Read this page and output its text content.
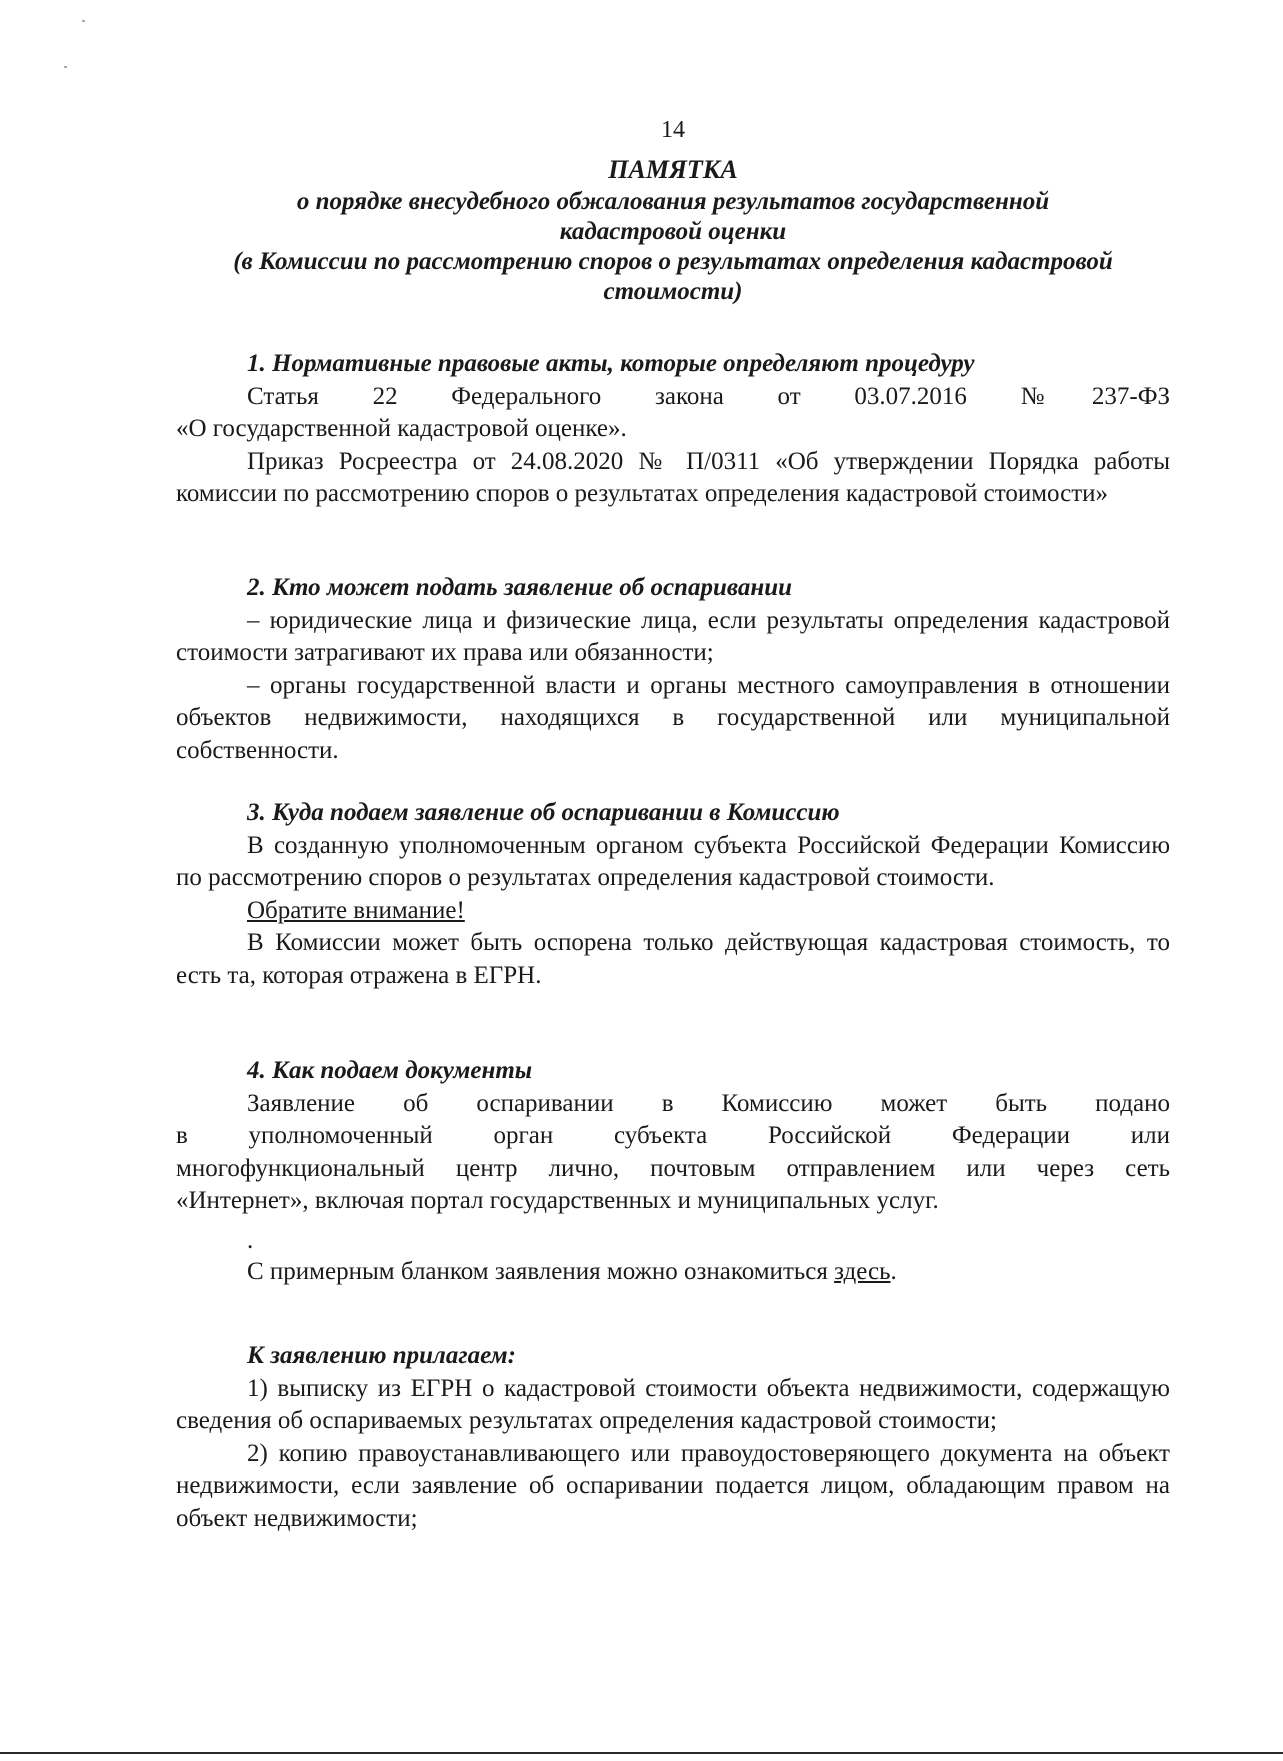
14
ПАМЯТКА
о порядке внесудебного обжалования результатов государственной
кадастровой оценки
(в Комиссии по рассмотрению споров о результатах определения кадастровой
стоимости)

1. Нормативные правовые акты, которые определяют процедуру

Статья 22 Федерального закона от 03.07.2016 №237-ФЗ

«О государственной кадастровой оценке».

Приказ Росреестра от 24.08.2020 № П/0311 «Об утверждении Порядка работы комиссии по рассмотрению споров о результатах определения кадастровой стоимости»

2. Кто может подать заявление об оспаривании

– юридические лица и физические лица, если результаты определения кадастровой стоимости затрагивают их права или обязанности;

– органы государственной власти и органы местного самоуправления в отношении объектов недвижимости, находящихся в государственной или муниципальной собственности.

3. Куда подаем заявление об оспаривании в Комиссию

В созданную уполномоченным органом субъекта Российской Федерации Комиссию по рассмотрению споров о результатах определения кадастровой стоимости.

Обратите внимание!

В Комиссии может быть оспорена только действующая кадастровая стоимость, то есть та, которая отражена в ЕГРН.

4. Как подаем документы

Заявление об оспаривании в Комиссию может быть подано

в уполномоченный орган субъекта Российской Федерации или

многофункциональный центр лично, почтовым отправлением или через сеть

«Интернет», включая портал государственных и муниципальных услуг.

.

С примерным бланком заявления можно ознакомиться здесь.

К заявлению прилагаем:

1) выписку из ЕГРН о кадастровой стоимости объекта недвижимости, содержащую сведения об оспариваемых результатах определения кадастровой стоимости;

2) копию правоустанавливающего или правоудостоверяющего документа на объект недвижимости, если заявление об оспаривании подается лицом, обладающим правом на объект недвижимости;
